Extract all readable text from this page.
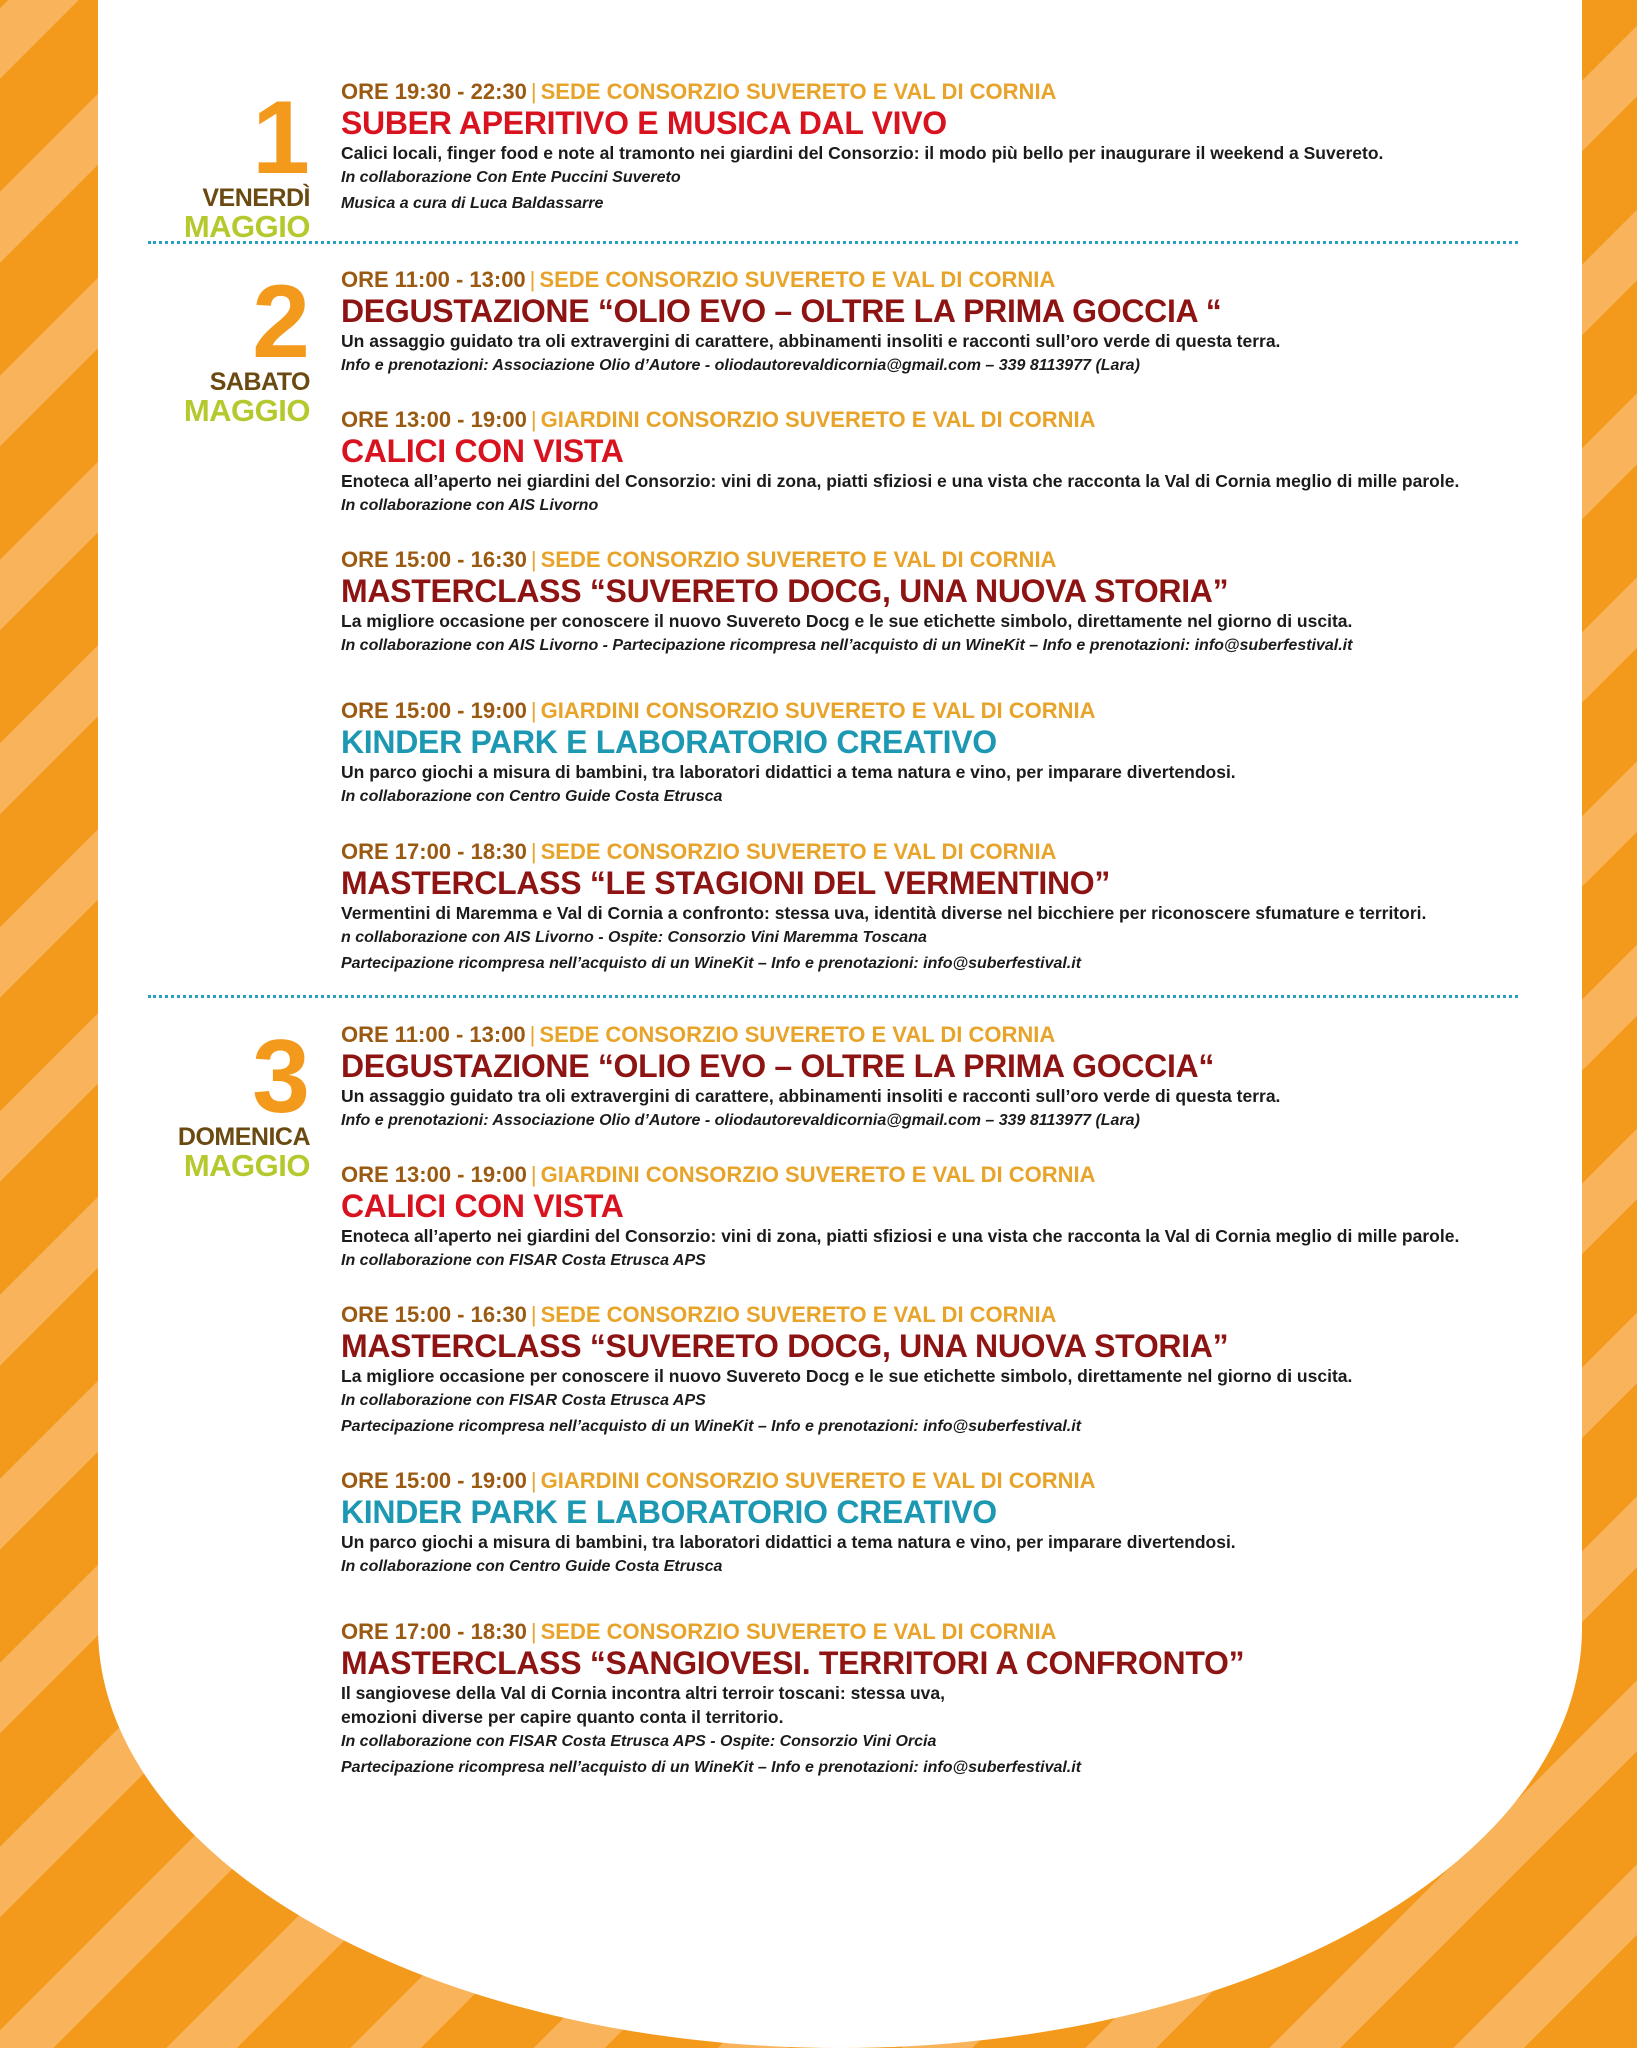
1
VENERDÌ
MAGGIO
ORE 19:30 - 22:30 | SEDE CONSORZIO SUVERETO E VAL DI CORNIA
SUBER APERITIVO E MUSICA DAL VIVO
Calici locali, finger food e note al tramonto nei giardini del Consorzio: il modo più bello per inaugurare il weekend a Suvereto.
In collaborazione Con Ente Puccini Suvereto
Musica a cura di Luca Baldassarre
2
SABATO
MAGGIO
ORE 11:00 - 13:00 | SEDE CONSORZIO SUVERETO E VAL DI CORNIA
DEGUSTAZIONE “OLIO EVO – OLTRE LA PRIMA GOCCIA “
Un assaggio guidato tra oli extravergini di carattere, abbinamenti insoliti e racconti sull’oro verde di questa terra.
Info e prenotazioni: Associazione Olio d’Autore - oliodautorevaldicornia@gmail.com – 339 8113977 (Lara)
ORE 13:00 - 19:00 | GIARDINI CONSORZIO SUVERETO E VAL DI CORNIA
CALICI CON VISTA
Enoteca all’aperto nei giardini del Consorzio: vini di zona, piatti sfiziosi e una vista che racconta la Val di Cornia meglio di mille parole.
In collaborazione con AIS Livorno
ORE 15:00 - 16:30 | SEDE CONSORZIO SUVERETO E VAL DI CORNIA
MASTERCLASS “SUVERETO DOCG, UNA NUOVA STORIA”
La migliore occasione per conoscere il nuovo Suvereto Docg e le sue etichette simbolo, direttamente nel giorno di uscita.
In collaborazione con AIS Livorno - Partecipazione ricompresa nell’acquisto di un WineKit – Info e prenotazioni: info@suberfestival.it
ORE 15:00 - 19:00 | GIARDINI CONSORZIO SUVERETO E VAL DI CORNIA
KINDER PARK E LABORATORIO CREATIVO
Un parco giochi a misura di bambini, tra laboratori didattici a tema natura e vino, per imparare divertendosi.
In collaborazione con Centro Guide Costa Etrusca
ORE 17:00 - 18:30 | SEDE CONSORZIO SUVERETO E VAL DI CORNIA
MASTERCLASS “LE STAGIONI DEL VERMENTINO”
Vermentini di Maremma e Val di Cornia a confronto: stessa uva, identità diverse nel bicchiere per riconoscere sfumature e territori.
n collaborazione con AIS Livorno - Ospite: Consorzio Vini Maremma Toscana
Partecipazione ricompresa nell’acquisto di un WineKit – Info e prenotazioni: info@suberfestival.it
3
DOMENICA
MAGGIO
ORE 11:00 - 13:00 | SEDE CONSORZIO SUVERETO E VAL DI CORNIA
DEGUSTAZIONE “OLIO EVO – OLTRE LA PRIMA GOCCIA“
Un assaggio guidato tra oli extravergini di carattere, abbinamenti insoliti e racconti sull’oro verde di questa terra.
Info e prenotazioni: Associazione Olio d’Autore - oliodautorevaldicornia@gmail.com – 339 8113977 (Lara)
ORE 13:00 - 19:00 | GIARDINI CONSORZIO SUVERETO E VAL DI CORNIA
CALICI CON VISTA
Enoteca all’aperto nei giardini del Consorzio: vini di zona, piatti sfiziosi e una vista che racconta la Val di Cornia meglio di mille parole.
In collaborazione con FISAR Costa Etrusca APS
ORE 15:00 - 16:30 | SEDE CONSORZIO SUVERETO E VAL DI CORNIA
MASTERCLASS “SUVERETO DOCG, UNA NUOVA STORIA”
La migliore occasione per conoscere il nuovo Suvereto Docg e le sue etichette simbolo, direttamente nel giorno di uscita.
In collaborazione con FISAR Costa Etrusca APS
Partecipazione ricompresa nell’acquisto di un WineKit – Info e prenotazioni: info@suberfestival.it
ORE 15:00 - 19:00 | GIARDINI CONSORZIO SUVERETO E VAL DI CORNIA
KINDER PARK E LABORATORIO CREATIVO
Un parco giochi a misura di bambini, tra laboratori didattici a tema natura e vino, per imparare divertendosi.
In collaborazione con Centro Guide Costa Etrusca
ORE 17:00 - 18:30 | SEDE CONSORZIO SUVERETO E VAL DI CORNIA
MASTERCLASS “SANGIOVESI. TERRITORI A CONFRONTO”
Il sangiovese della Val di Cornia incontra altri terroir toscani: stessa uva,
emozioni diverse per capire quanto conta il territorio.
In collaborazione con FISAR Costa Etrusca APS - Ospite: Consorzio Vini Orcia
Partecipazione ricompresa nell’acquisto di un WineKit – Info e prenotazioni: info@suberfestival.it
